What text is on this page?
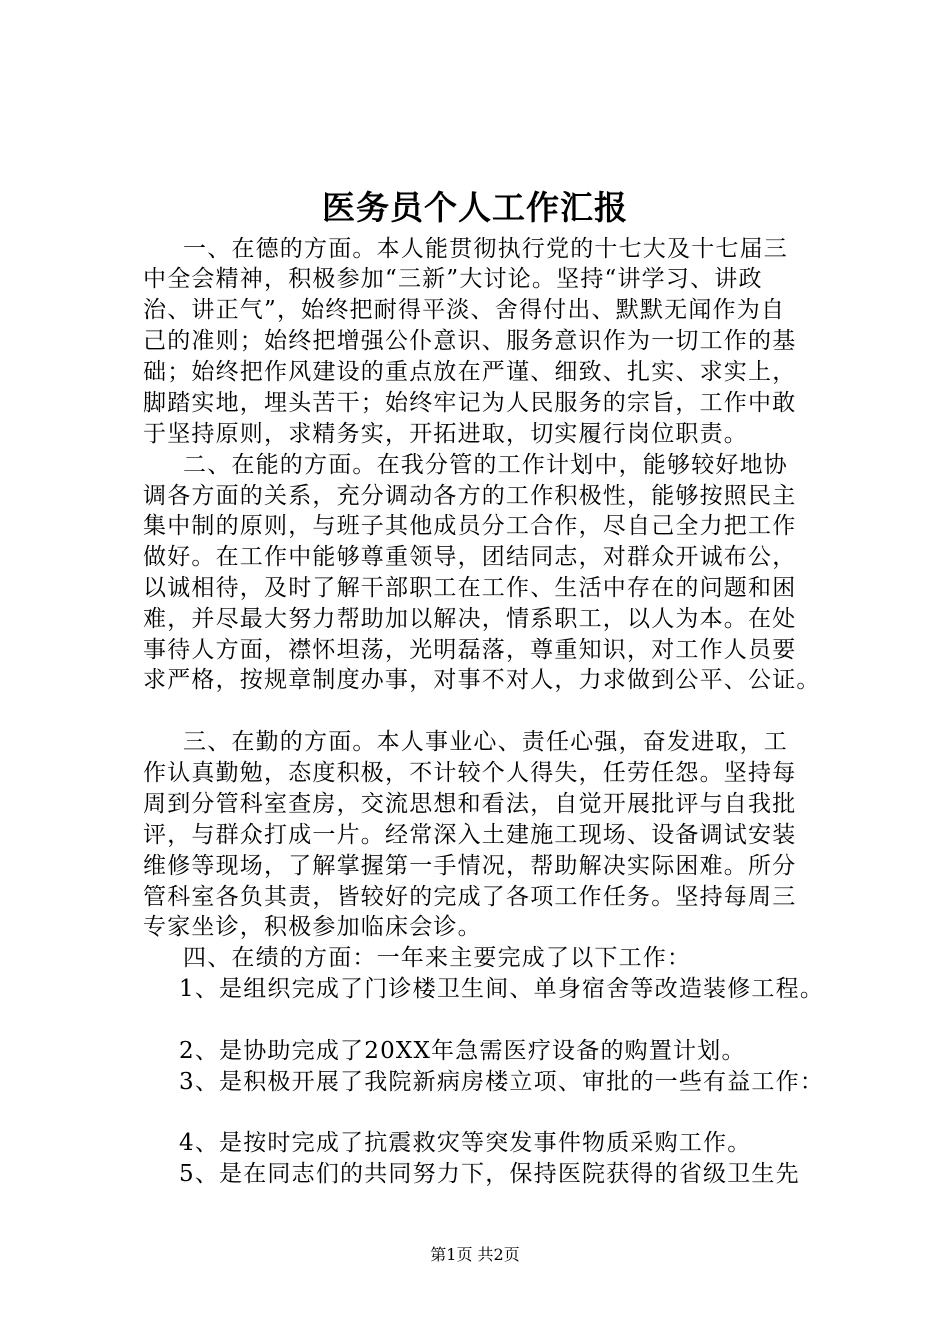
医务员个人工作汇报
一、在德的方面。本人能贯彻执行党的十七大及十七届三
中全会精神，积极参加“三新”大讨论。坚持“讲学习、讲政
治、讲正气”，始终把耐得平淡、舍得付出、默默无闻作为自
己的准则；始终把增强公仆意识、服务意识作为一切工作的基
础；始终把作风建设的重点放在严谨、细致、扎实、求实上，
脚踏实地，埋头苦干；始终牢记为人民服务的宗旨，工作中敢
于坚持原则，求精务实，开拓进取，切实履行岗位职责。
二、在能的方面。在我分管的工作计划中，能够较好地协
调各方面的关系，充分调动各方的工作积极性，能够按照民主
集中制的原则，与班子其他成员分工合作，尽自己全力把工作
做好。在工作中能够尊重领导，团结同志，对群众开诚布公，
以诚相待，及时了解干部职工在工作、生活中存在的问题和困
难，并尽最大努力帮助加以解决，情系职工，以人为本。在处
事待人方面，襟怀坦荡，光明磊落，尊重知识，对工作人员要
求严格，按规章制度办事，对事不对人，力求做到公平、公证。
三、在勤的方面。本人事业心、责任心强，奋发进取，工
作认真勤勉，态度积极，不计较个人得失，任劳任怨。坚持每
周到分管科室查房，交流思想和看法，自觉开展批评与自我批
评，与群众打成一片。经常深入土建施工现场、设备调试安装
维修等现场，了解掌握第一手情况，帮助解决实际困难。所分
管科室各负其责，皆较好的完成了各项工作任务。坚持每周三
专家坐诊，积极参加临床会诊。
四、在绩的方面：一年来主要完成了以下工作：
1、是组织完成了门诊楼卫生间、单身宿舍等改造装修工程。
2、是协助完成了20XX年急需医疗设备的购置计划。
3、是积极开展了我院新病房楼立项、审批的一些有益工作：
4、是按时完成了抗震救灾等突发事件物质采购工作。
5、是在同志们的共同努力下，保持医院获得的省级卫生先
第1页 共2页
